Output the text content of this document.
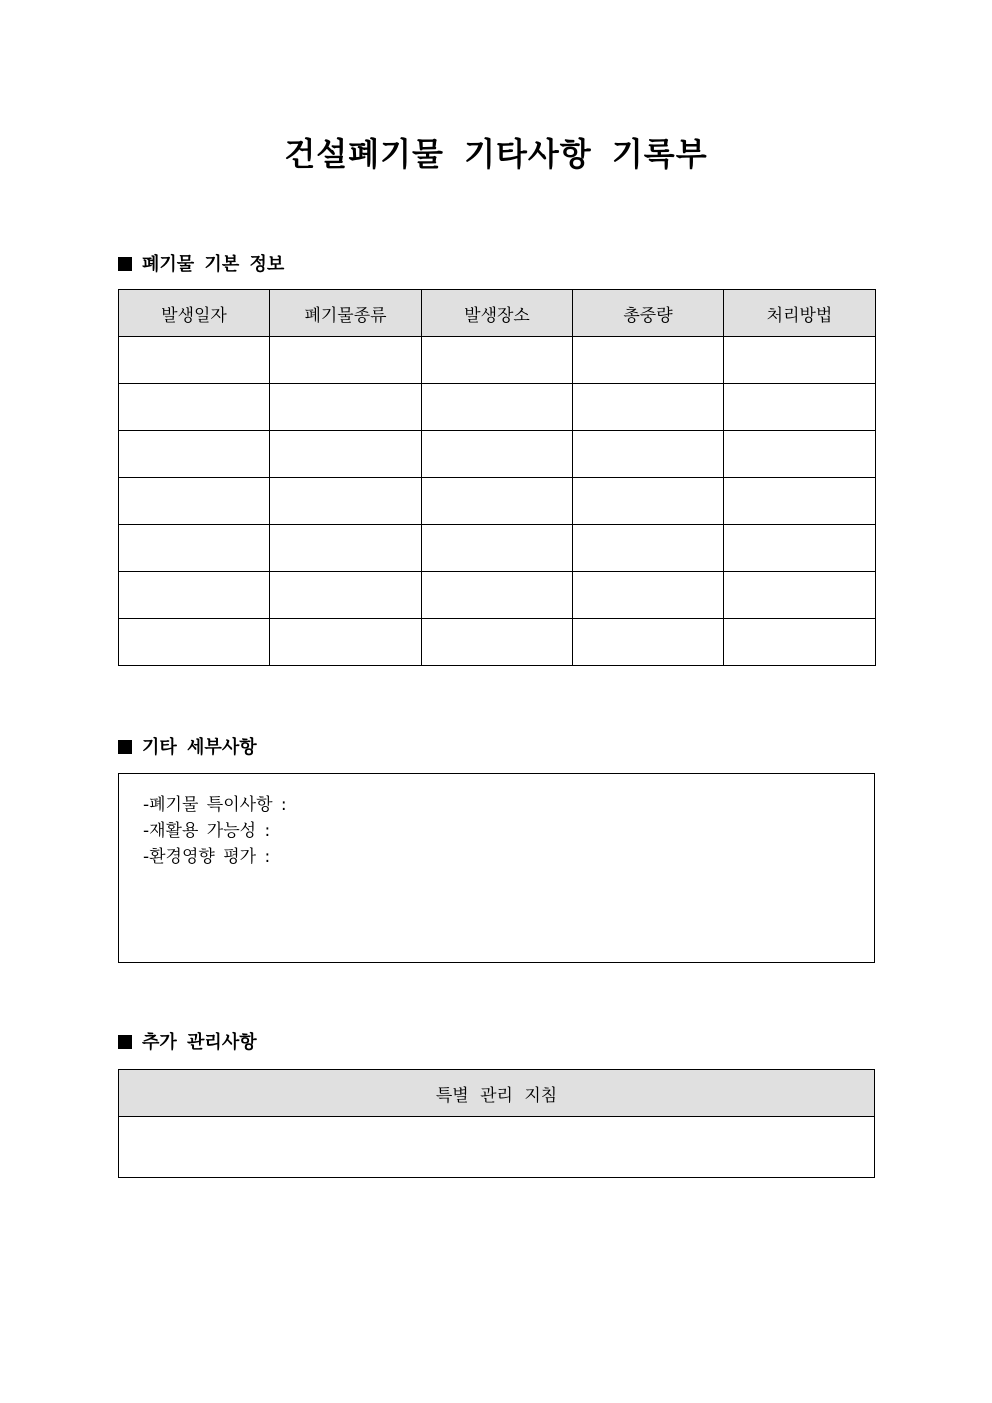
건설폐기물 기타사항 기록부
폐기물 기본 정보
발생일자	폐기물종류	발생장소	총중량	처리방법

기타 세부사항
-폐기물 특이사항 :
-재활용 가능성 :
-환경영향 평가 :
추가 관리사항
특별 관리 지침
